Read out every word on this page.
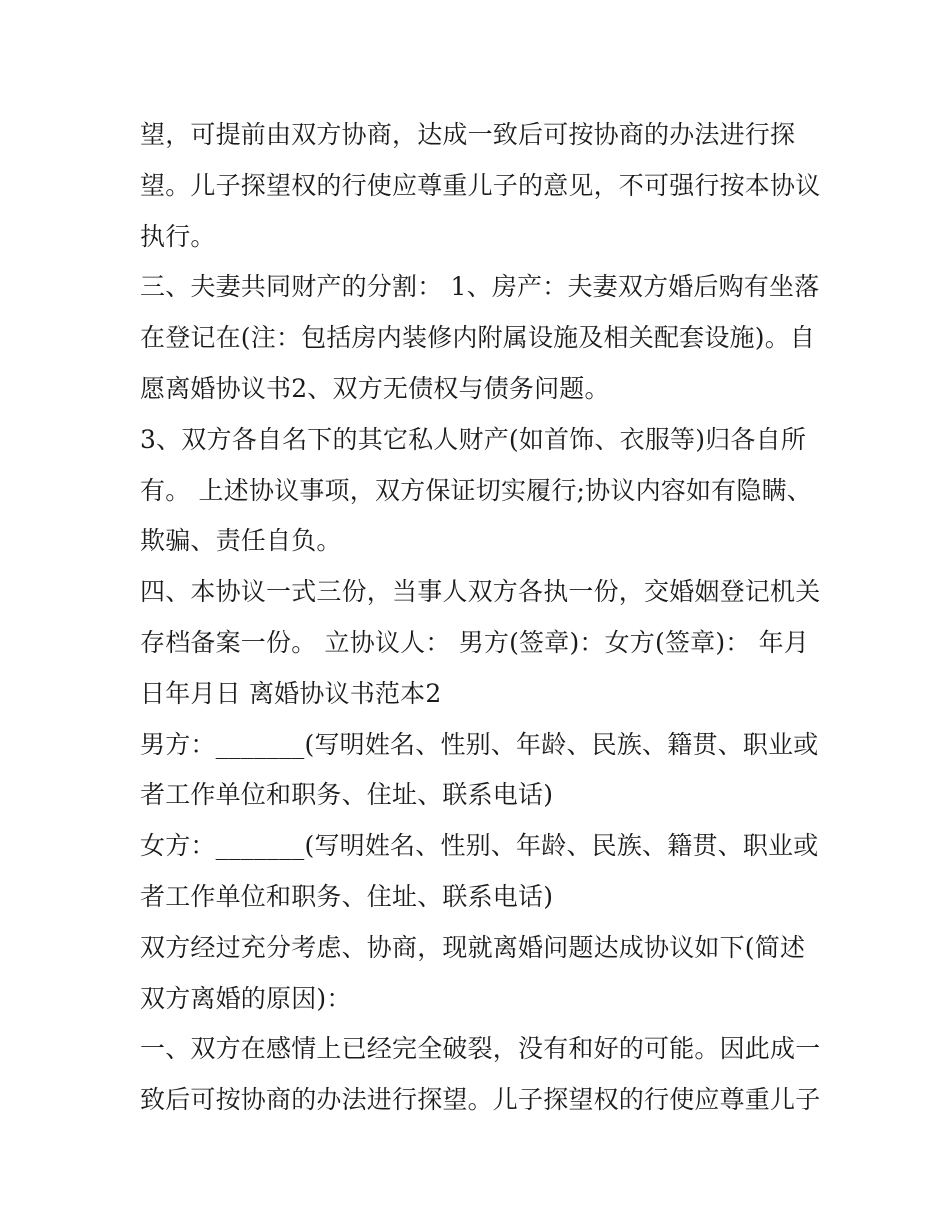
望，可提前由双方协商，达成一致后可按协商的办法进行探
望。儿子探望权的行使应尊重儿子的意见，不可强行按本协议
执行。
三、夫妻共同财产的分割： 1、房产：夫妻双方婚后购有坐落
在登记在(注：包括房内装修内附属设施及相关配套设施)。自
愿离婚协议书2、双方无债权与债务问题。
3、双方各自名下的其它私人财产(如首饰、衣服等)归各自所
有。 上述协议事项，双方保证切实履行;协议内容如有隐瞒、
欺骗、责任自负。
四、本协议一式三份，当事人双方各执一份，交婚姻登记机关
存档备案一份。 立协议人： 男方(签章)：女方(签章)： 年月
日年月日 离婚协议书范本2
男方：_______(写明姓名、性别、年龄、民族、籍贯、职业或
者工作单位和职务、住址、联系电话)
女方：_______(写明姓名、性别、年龄、民族、籍贯、职业或
者工作单位和职务、住址、联系电话)
双方经过充分考虑、协商，现就离婚问题达成协议如下(简述
双方离婚的原因)：
一、双方在感情上已经完全破裂，没有和好的可能。因此成一
致后可按协商的办法进行探望。儿子探望权的行使应尊重儿子
